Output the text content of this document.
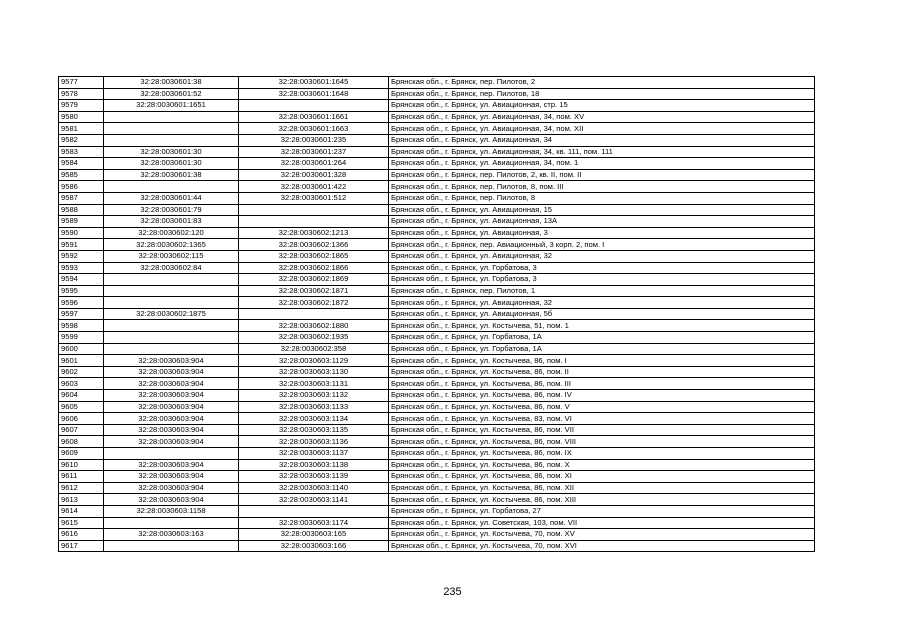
9577	32:28:0030601:38	32:28:0030601:1645	Брянская обл., г. Брянск, пер. Пилотов, 2
9578	32:28:0030601:52	32:28:0030601:1648	Брянская обл., г. Брянск, пер. Пилотов, 18
9579	32:28:0030601:1651		Брянская обл., г. Брянск, ул. Авиационная, стр. 15
9580		32:28:0030601:1661	Брянская обл., г. Брянск, ул. Авиационная, 34, пом. XV
9581		32:28:0030601:1663	Брянская обл., г. Брянск, ул. Авиационная, 34, пом. XII
9582		32:28:0030601:235	Брянская обл., г. Брянск, ул. Авиационная, 34
9583	32:28:0030601:30	32:28:0030601:237	Брянская обл., г. Брянск, ул. Авиационная, 34, кв. 111, пом. 111
9584	32:28:0030601:30	32:28:0030601:264	Брянская обл., г. Брянск, ул. Авиационная, 34, пом. 1
9585	32:28:0030601:38	32:28:0030601:328	Брянская обл., г. Брянск, пер. Пилотов, 2, кв. II, пом. II
9586		32:28:0030601:422	Брянская обл., г. Брянск, пер. Пилотов, 8, пом. III
9587	32:28:0030601:44	32:28:0030601:512	Брянская обл., г. Брянск, пер. Пилотов, 8
9588	32:28:0030601:79		Брянская обл., г. Брянск, ул. Авиационная, 15
9589	32:28:0030601:83		Брянская обл., г. Брянск, ул. Авиационная, 13А
9590	32:28:0030602:120	32:28:0030602:1213	Брянская обл., г. Брянск, ул. Авиационная, 3
9591	32:28:0030602:1365	32:28:0030602:1366	Брянская обл., г. Брянск, пер. Авиационный, 3 корп. 2, пом. I
9592	32:28:0030602:115	32:28:0030602:1865	Брянская обл., г. Брянск, ул. Авиационная, 32
9593	32:28:0030602:84	32:28:0030602:1866	Брянская обл., г. Брянск, ул. Горбатова, 3
9594		32:28:0030602:1869	Брянская обл., г. Брянск, ул. Горбатова, 3
9595		32:28:0030602:1871	Брянская обл., г. Брянск, пер. Пилотов, 1
9596		32:28:0030602:1872	Брянская обл., г. Брянск, ул. Авиационная, 32
9597	32:28:0030602:1875		Брянская обл., г. Брянск, ул. Авиационная, 5б
9598		32:28:0030602:1880	Брянская обл., г. Брянск, ул. Костычева, 51, пом. 1
9599		32:28:0030602:1935	Брянская обл., г. Брянск, ул. Горбатова, 1А
9600		32:28:0030602:358	Брянская обл., г. Брянск, ул. Горбатова, 1А
9601	32:28:0030603:904	32:28:0030603:1129	Брянская обл., г. Брянск, ул. Костычева, 86, пом. I
9602	32:28:0030603:904	32:28:0030603:1130	Брянская обл., г. Брянск, ул. Костычева, 86, пом. II
9603	32:28:0030603:904	32:28:0030603:1131	Брянская обл., г. Брянск, ул. Костычева, 86, пом. III
9604	32:28:0030603:904	32:28:0030603:1132	Брянская обл., г. Брянск, ул. Костычева, 86, пом. IV
9605	32:28:0030603:904	32:28:0030603:1133	Брянская обл., г. Брянск, ул. Костычева, 86, пом. V
9606	32:28:0030603:904	32:28:0030603:1134	Брянская обл., г. Брянск, ул. Костычева, 83, пом. VI
9607	32:28:0030603:904	32:28:0030603:1135	Брянская обл., г. Брянск, ул. Костычева, 86, пом. VII
9608	32:28:0030603:904	32:28:0030603:1136	Брянская обл., г. Брянск, ул. Костычева, 86, пом. VIII
9609		32:28:0030603:1137	Брянская обл., г. Брянск, ул. Костычева, 86, пом. IX
9610	32:28:0030603:904	32:28:0030603:1138	Брянская обл., г. Брянск, ул. Костычева, 86, пом. X
9611	32:28:0030603:904	32:28:0030603:1139	Брянская обл., г. Брянск, ул. Костычева, 86, пом. XI
9612	32:28:0030603:904	32:28:0030603:1140	Брянская обл., г. Брянск, ул. Костычева, 86, пом. XII
9613	32:28:0030603:904	32:28:0030603:1141	Брянская обл., г. Брянск, ул. Костычева, 86, пом. XIII
9614	32:28:0030603:1158		Брянская обл., г. Брянск, ул. Горбатова, 27
9615		32:28:0030603:1174	Брянская обл., г. Брянск, ул. Советская, 103, пом. VII
9616	32:28:0030603:163	32:28:0030603:165	Брянская обл., г. Брянск, ул. Костычева, 70, пом. XV
9617		32:28:0030603:166	Брянская обл., г. Брянск, ул. Костычева, 70, пом. XVI
235
